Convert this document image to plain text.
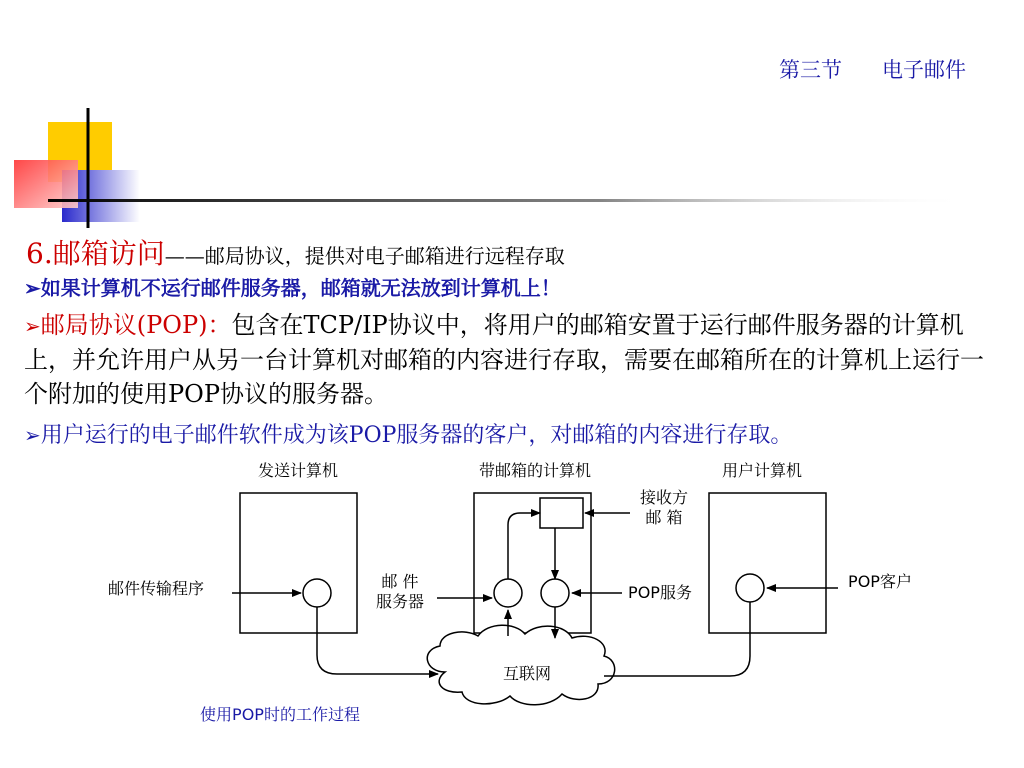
第三节 电子邮件
6.邮箱访问——邮局协议，提供对电子邮箱进行远程存取
➢如果计算机不运行邮件服务器，邮箱就无法放到计算机上！
➢邮局协议(POP)：包含在TCP/IP协议中，将用户的邮箱安置于运行邮件服务器的计算机上，并允许用户从另一台计算机对邮箱的内容进行存取，需要在邮箱所在的计算机上运行一个附加的使用POP协议的服务器。
➢用户运行的电子邮件软件成为该POP服务器的客户，对邮箱的内容进行存取。
发送计算机	带邮箱的计算机	用户计算机
邮件传输程序	邮 件
服务器
接收方
邮 箱
POP服务
POP客户
互联网
使用POP时的工作过程
